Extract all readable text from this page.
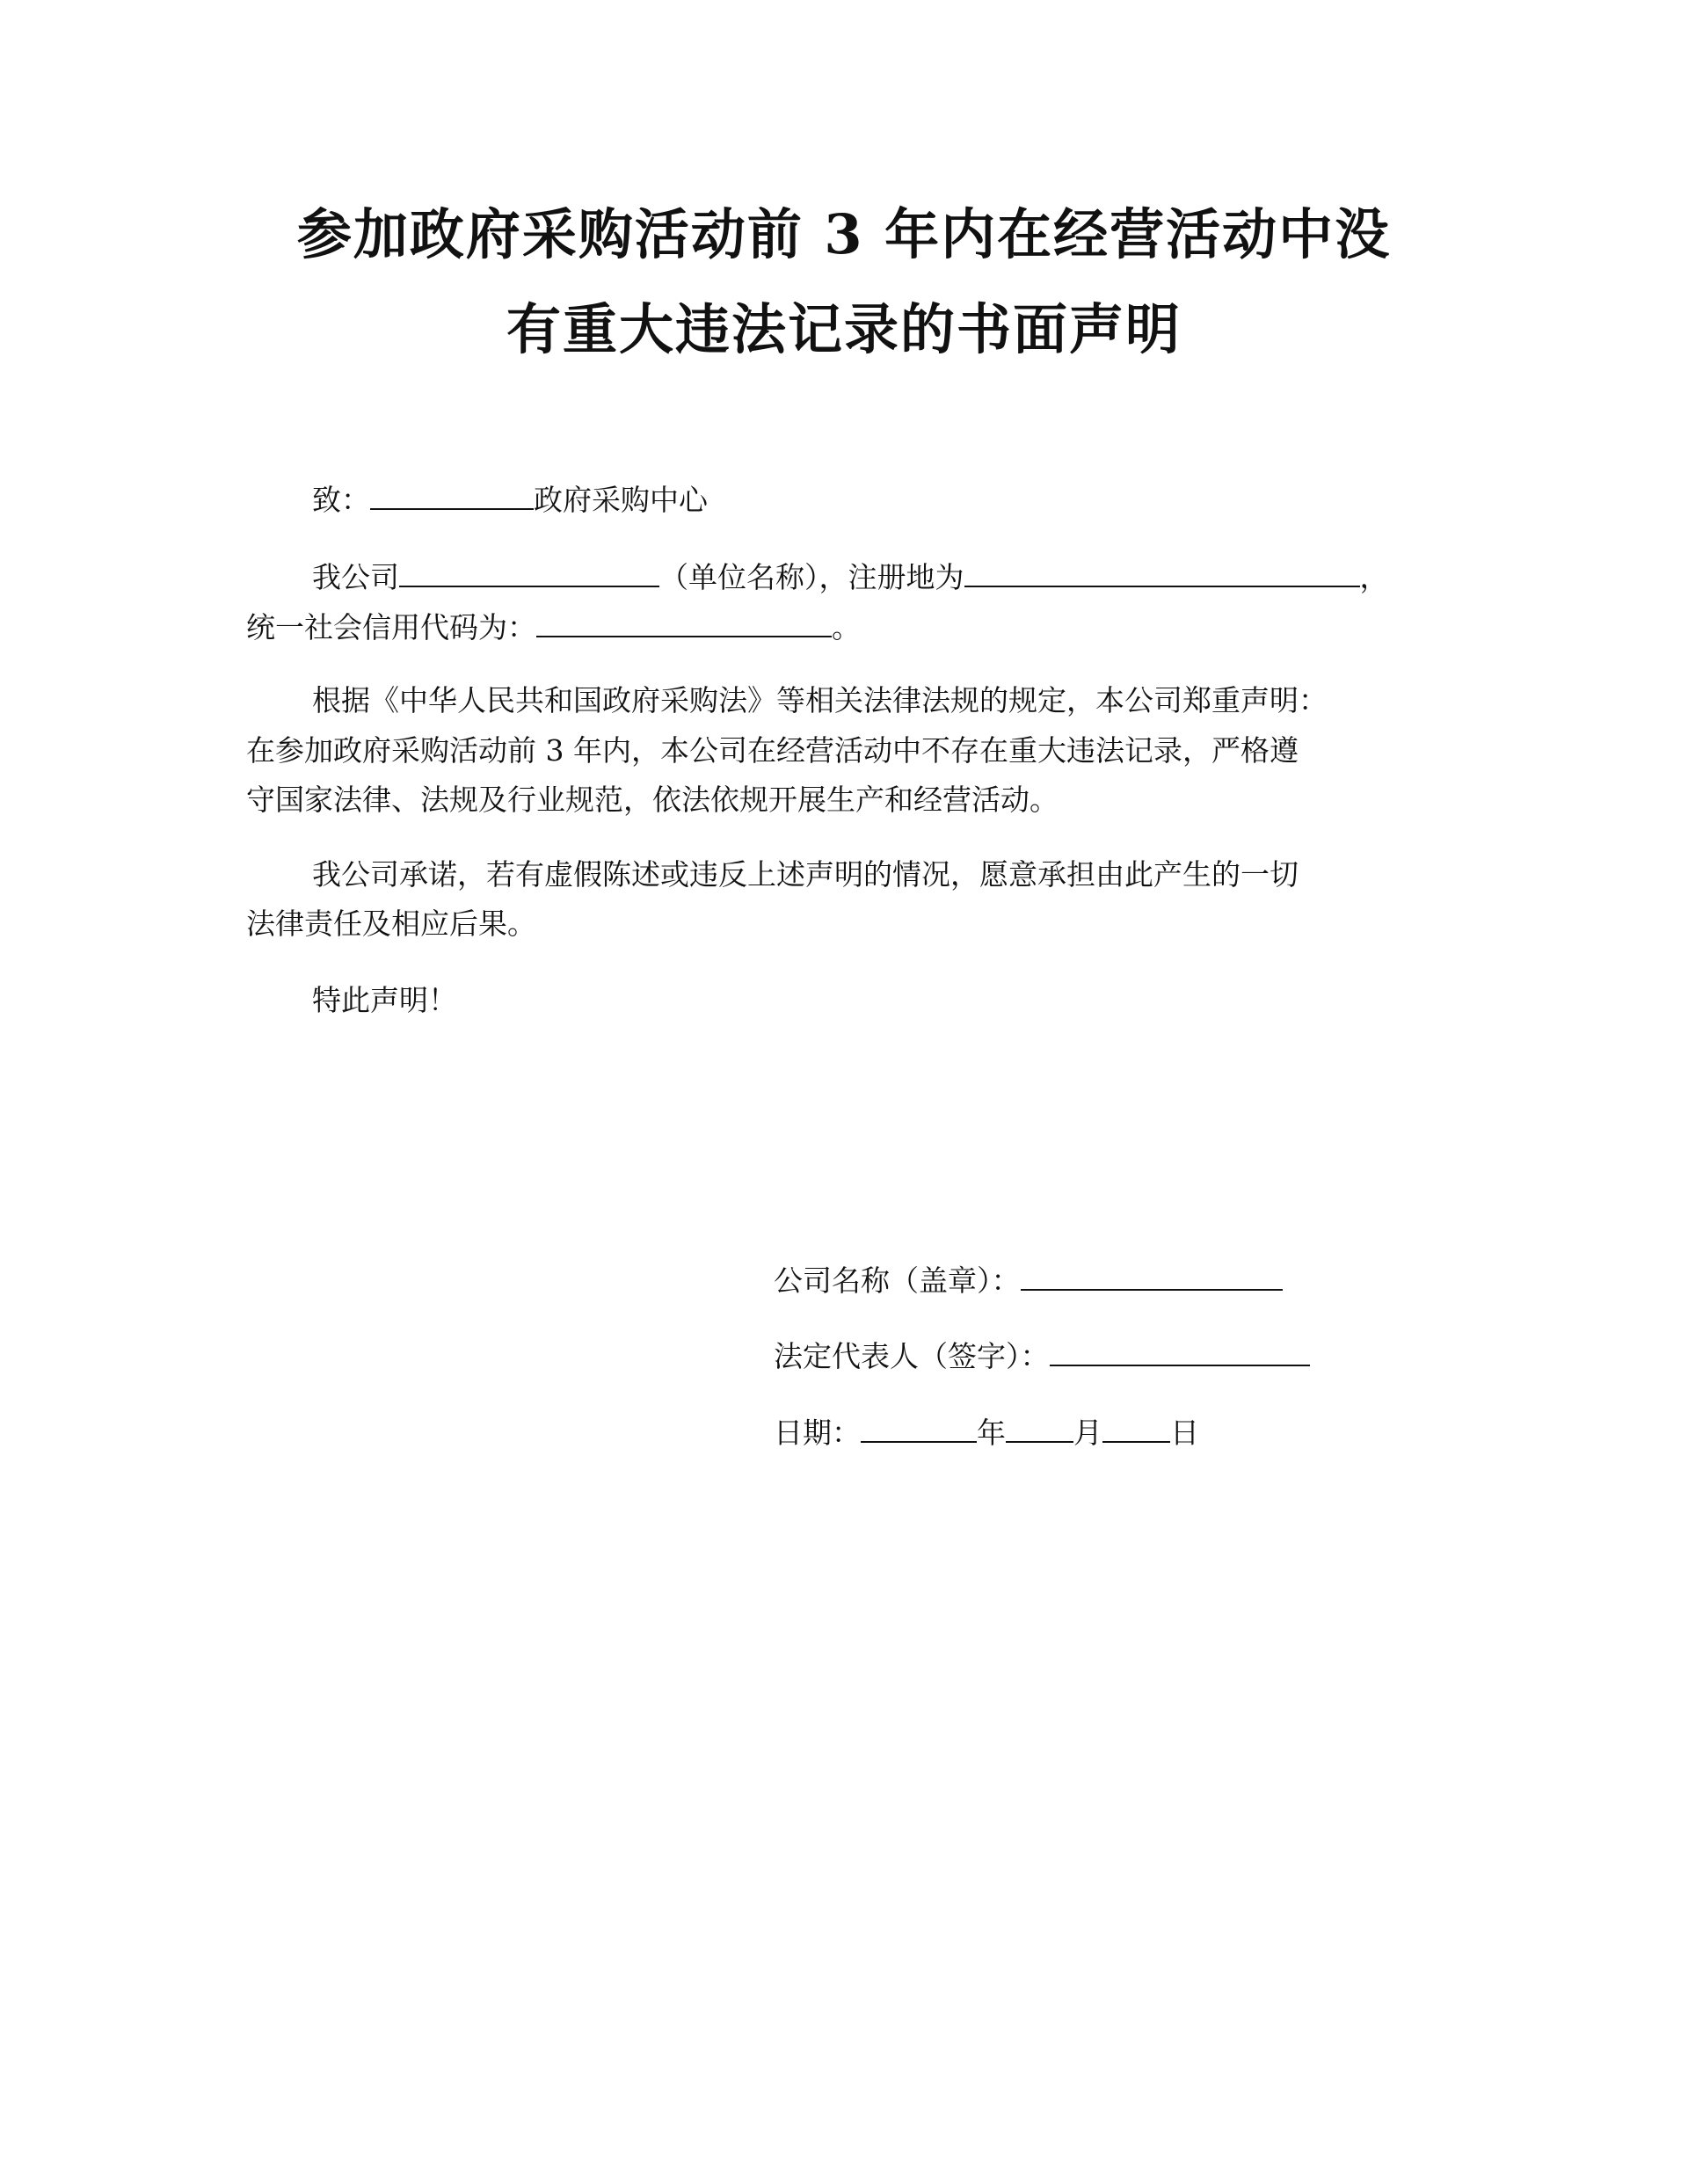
参加政府采购活动前 3 年内在经营活动中没
有重大违法记录的书面声明
致：	政府采购中心
我公司	（单位名称），注册地为	，
统一社会信用代码为：	。
根据《中华人民共和国政府采购法》等相关法律法规的规定，本公司郑重声明：
在参加政府采购活动前 3 年内，本公司在经营活动中不存在重大违法记录，严格遵
守国家法律、法规及行业规范，依法依规开展生产和经营活动。
我公司承诺，若有虚假陈述或违反上述声明的情况，愿意承担由此产生的一切
法律责任及相应后果。
特此声明！
公司名称（盖章）：
法定代表人（签字）：
日期：	年 月 日
